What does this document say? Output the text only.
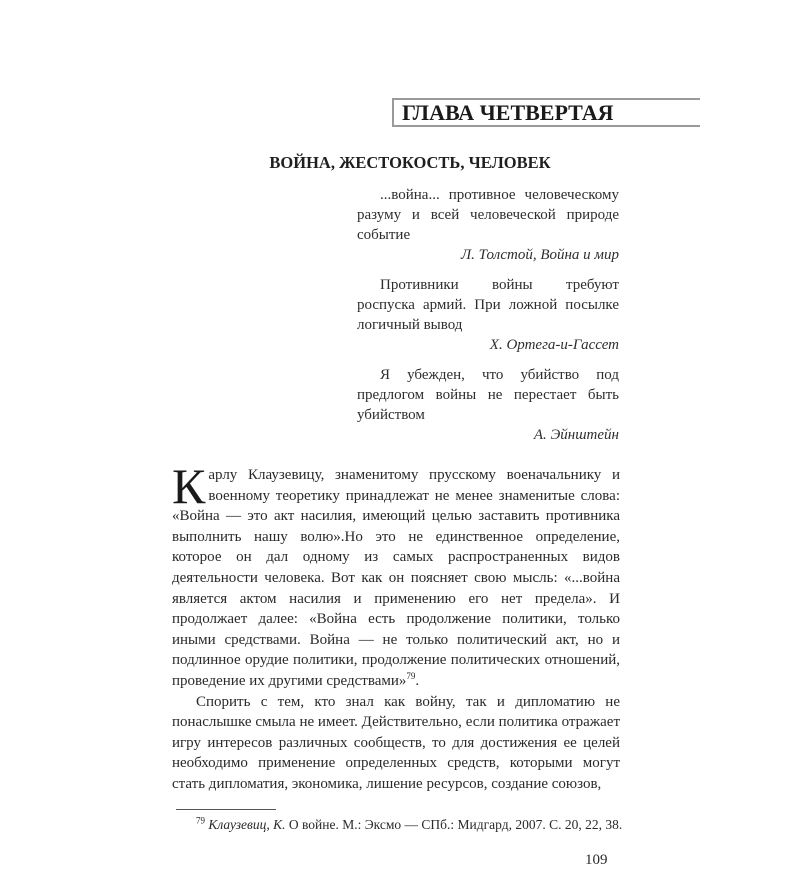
ГЛАВА ЧЕТВЕРТАЯ
ВОЙНА, ЖЕСТОКОСТЬ, ЧЕЛОВЕК

...война... противное человеческому разуму и всей человеческой природе событие

Л. Толстой, Война и мир

Противники войны требуют роспуска армий. При ложной посылке логичный вывод

Х. Ортега-и-Гассет

Я убежден, что убийство под предлогом войны не перестает быть убийством

А. Эйнштейн

Карлу Клаузевицу, знаменитому прусскому военачальнику и военному теоретику принадлежат не менее знаменитые слова: «Война — это акт насилия, имеющий целью заставить противника выполнить нашу волю».Но это не единственное определение, которое он дал одному из самых распространенных видов деятельности человека. Вот как он поясняет свою мысль: «...война является актом насилия и применению его нет предела». И продолжает далее: «Война есть продолжение политики, только иными средствами. Война — не только политический акт, но и подлинное орудие политики, продолжение политических отношений, проведение их другими средствами»$^{79}$.

Спорить с тем, кто знал как войну, так и дипломатию не понаслышке смыла не имеет. Действительно, если политика отражает игру интересов различных сообществ, то для достижения ее целей необходимо применение определенных средств, которыми могут стать дипломатия, экономика, лишение ресурсов, создание союзов,

$^{79}$ Клаузевиц, К. О войне. М.: Эксмо — СПб.: Мидгард, 2007. С. 20, 22, 38.
109
